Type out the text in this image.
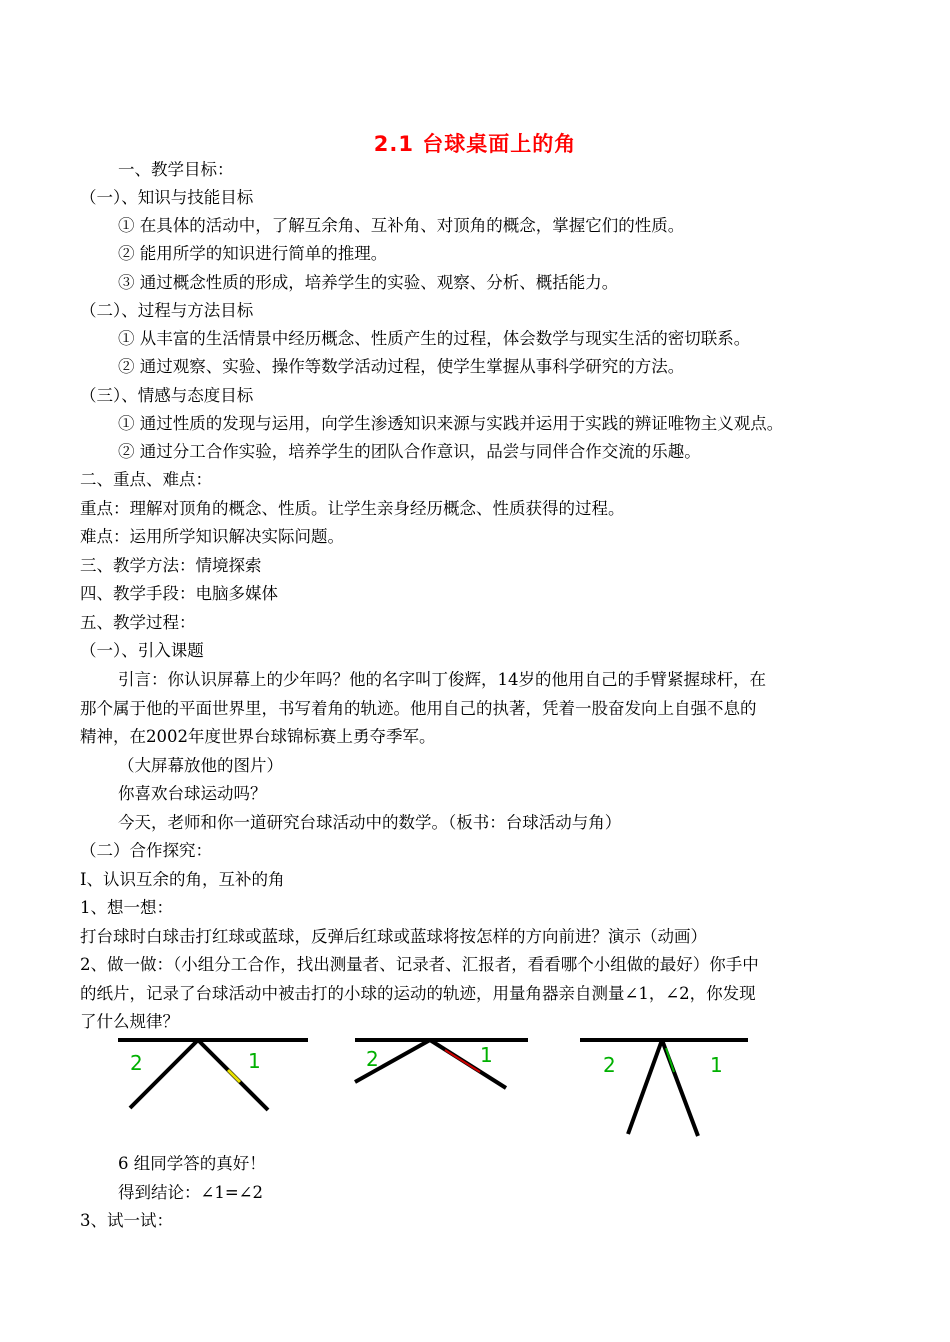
2.1 台球桌面上的角
一、教学目标：
（一）、知识与技能目标
① 在具体的活动中，了解互余角、互补角、对顶角的概念，掌握它们的性质。
② 能用所学的知识进行简单的推理。
③ 通过概念性质的形成，培养学生的实验、观察、分析、概括能力。
（二）、过程与方法目标
① 从丰富的生活情景中经历概念、性质产生的过程，体会数学与现实生活的密切联系。
② 通过观察、实验、操作等数学活动过程，使学生掌握从事科学研究的方法。
（三）、情感与态度目标
① 通过性质的发现与运用，向学生渗透知识来源与实践并运用于实践的辨证唯物主义观点。
② 通过分工合作实验，培养学生的团队合作意识，品尝与同伴合作交流的乐趣。
二、重点、难点：
重点：理解对顶角的概念、性质。让学生亲身经历概念、性质获得的过程。
难点：运用所学知识解决实际问题。
三、教学方法：情境探索
四、教学手段：电脑多媒体
五、教学过程：
（一）、引入课题
引言：你认识屏幕上的少年吗？他的名字叫丁俊辉，14岁的他用自己的手臂紧握球杆，在
那个属于他的平面世界里，书写着角的轨迹。他用自己的执著，凭着一股奋发向上自强不息的
精神，在2002年度世界台球锦标赛上勇夺季军。
（大屏幕放他的图片）
你喜欢台球运动吗？
今天，老师和你一道研究台球活动中的数学。（板书：台球活动与角）
（二）合作探究：
I、认识互余的角，互补的角
1、想一想：
打台球时白球击打红球或蓝球，反弹后红球或蓝球将按怎样的方向前进？演示（动画）
2、做一做：（小组分工合作，找出测量者、记录者、汇报者，看看哪个小组做的最好）你手中
的纸片，记录了台球活动中被击打的小球的运动的轨迹，用量角器亲自测量∠1，∠2，你发现
了什么规律？
2	1	2	1	2	1
6 组同学答的真好！
得到结论：∠1=∠2
3、试一试：
